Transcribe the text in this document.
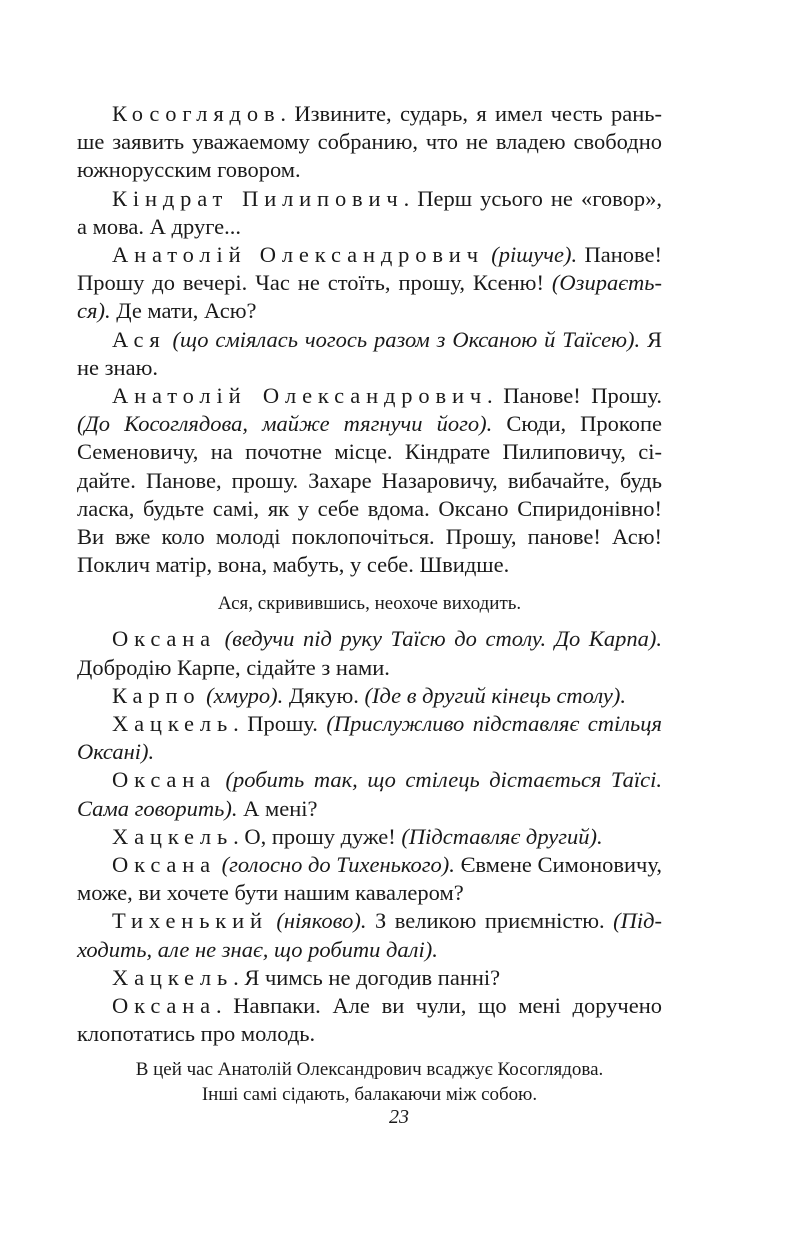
Косоглядов. Извините, сударь, я имел честь раньше заявить уважаемому собранию, что не владею свободно южнорусским говором.

Кіндрат Пилипович. Перш усього не «говор», а мова. А друге...

Анатолій Олександрович (рішуче). Панове! Прошу до вечері. Час не стоїть, прошу, Ксеню! (Озирається). Де мати, Асю?

Ася (що сміялась чогось разом з Оксаною й Таїсею). Я не знаю.

Анатолій Олександрович. Панове! Прошу. (До Косоглядова, майже тягнучи його). Сюди, Прокопе Семеновичу, на почотне місце. Кіндрате Пилиповичу, сідайте. Панове, прошу. Захаре Назаровичу, вибачайте, будь ласка, будьте самі, як у себе вдома. Оксано Спиридонівно! Ви вже коло молоді поклопочіться. Прошу, панове! Асю! Поклич матір, вона, мабуть, у себе. Швидше.

Ася, скривившись, неохоче виходить.

Оксана (ведучи під руку Таїсю до столу. До Карпа). Добродію Карпе, сідайте з нами.

Карпо (хмуро). Дякую. (Іде в другий кінець столу).

Хацкель. Прошу. (Прислужливо підставляє стільця Оксані).

Оксана (робить так, що стілець дістається Таїсі. Сама говорить). А мені?

Хацкель. О, прошу дуже! (Підставляє другий).

Оксана (голосно до Тихенького). Євмене Симоновичу, може, ви хочете бути нашим кавалером?

Тихенький (ніяково). З великою приємністю. (Підходить, але не знає, що робити далі).

Хацкель. Я чимсь не догодив панні?

Оксана. Навпаки. Але ви чули, що мені доручено клопотатись про молодь.

В цей час Анатолій Олександрович всаджує Косоглядова.
Інші самі сідають, балакаючи між собою.
23
